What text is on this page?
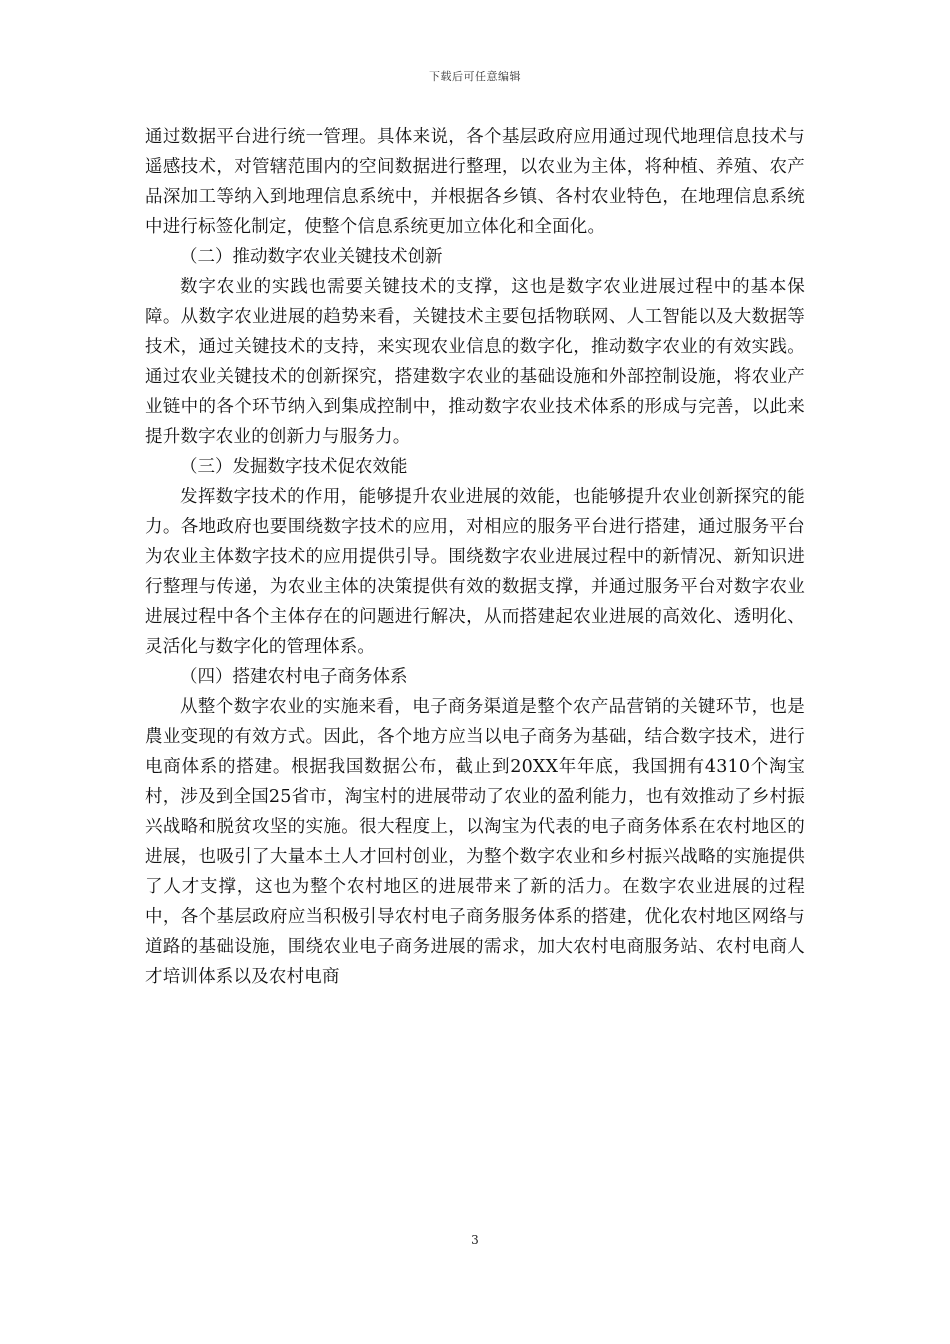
下载后可任意编辑

通过数据平台进行统一管理。具体来说，各个基层政府应用通过现代地理信息技术与遥感技术，对管辖范围内的空间数据进行整理，以农业为主体，将种植、养殖、农产品深加工等纳入到地理信息系统中，并根据各乡镇、各村农业特色，在地理信息系统中进行标签化制定，使整个信息系统更加立体化和全面化。

（二）推动数字农业关键技术创新

数字农业的实践也需要关键技术的支撑，这也是数字农业进展过程中的基本保障。从数字农业进展的趋势来看，关键技术主要包括物联网、人工智能以及大数据等技术，通过关键技术的支持，来实现农业信息的数字化，推动数字农业的有效实践。通过农业关键技术的创新探究，搭建数字农业的基础设施和外部控制设施，将农业产业链中的各个环节纳入到集成控制中，推动数字农业技术体系的形成与完善，以此来提升数字农业的创新力与服务力。

（三）发掘数字技术促农效能

发挥数字技术的作用，能够提升农业进展的效能，也能够提升农业创新探究的能力。各地政府也要围绕数字技术的应用，对相应的服务平台进行搭建，通过服务平台为农业主体数字技术的应用提供引导。围绕数字农业进展过程中的新情况、新知识进行整理与传递，为农业主体的决策提供有效的数据支撑，并通过服务平台对数字农业进展过程中各个主体存在的问题进行解决，从而搭建起农业进展的高效化、透明化、灵活化与数字化的管理体系。

（四）搭建农村电子商务体系

从整个数字农业的实施来看，电子商务渠道是整个农产品营销的关键环节，也是農业变现的有效方式。因此，各个地方应当以电子商务为基础，结合数字技术，进行电商体系的搭建。根据我国数据公布，截止到20XX年年底，我国拥有4310个淘宝村，涉及到全国25省市，淘宝村的进展带动了农业的盈利能力，也有效推动了乡村振兴战略和脱贫攻坚的实施。很大程度上，以淘宝为代表的电子商务体系在农村地区的进展，也吸引了大量本土人才回村创业，为整个数字农业和乡村振兴战略的实施提供了人才支撑，这也为整个农村地区的进展带来了新的活力。在数字农业进展的过程中，各个基层政府应当积极引导农村电子商务服务体系的搭建，优化农村地区网络与道路的基础设施，围绕农业电子商务进展的需求，加大农村电商服务站、农村电商人才培训体系以及农村电商

3
